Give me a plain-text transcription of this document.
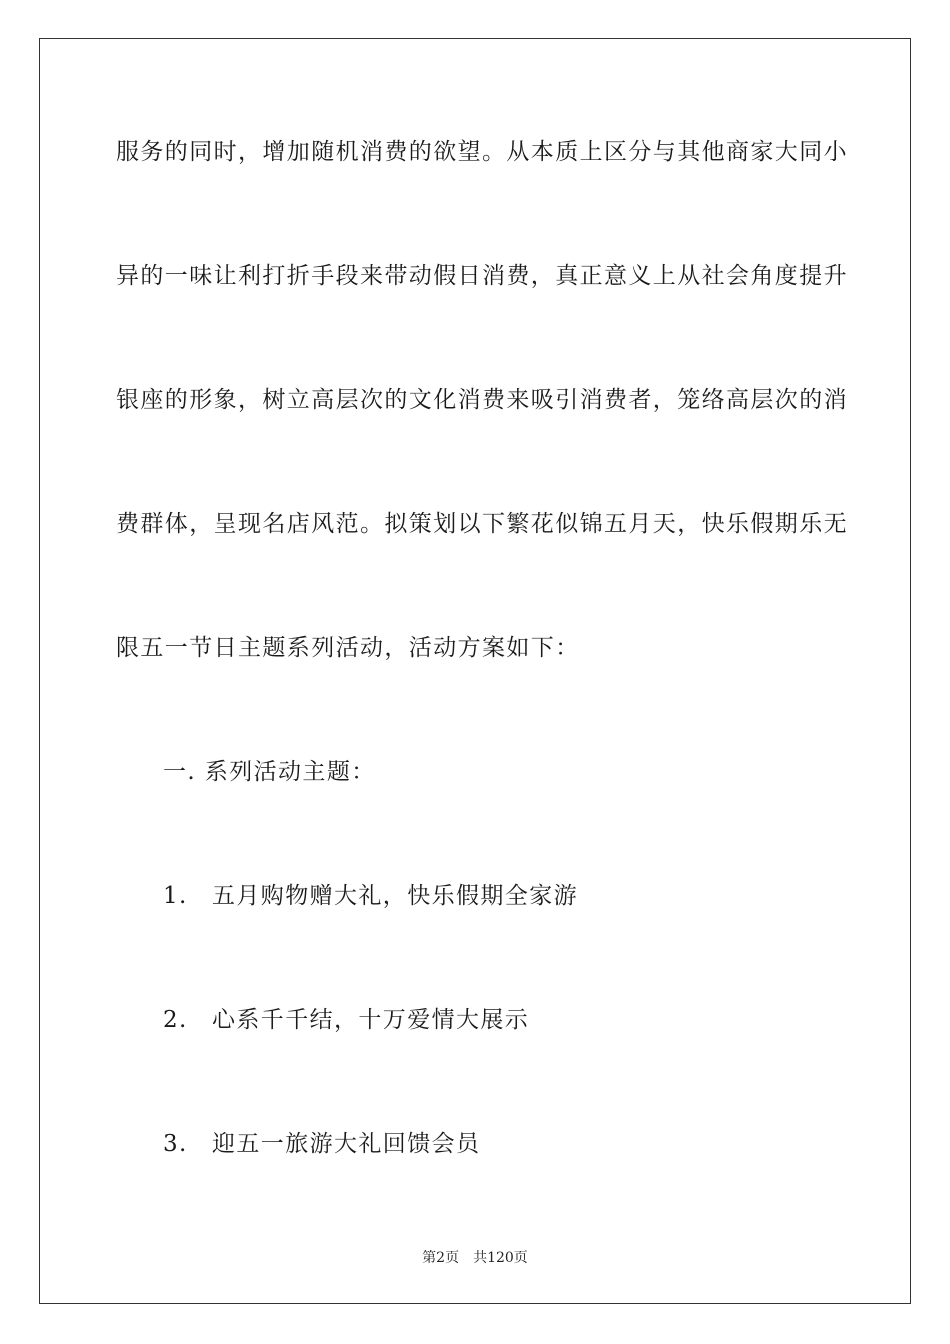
服务的同时，增加随机消费的欲望。从本质上区分与其他商家大同小
异的一味让利打折手段来带动假日消费，真正意义上从社会角度提升
银座的形象，树立高层次的文化消费来吸引消费者，笼络高层次的消
费群体，呈现名店风范。拟策划以下繁花似锦五月天，快乐假期乐无
限五一节日主题系列活动，活动方案如下：
一. 系列活动主题：
1. 五月购物赠大礼，快乐假期全家游
2. 心系千千结，十万爱情大展示
3. 迎五一旅游大礼回馈会员
第2页　共120页
